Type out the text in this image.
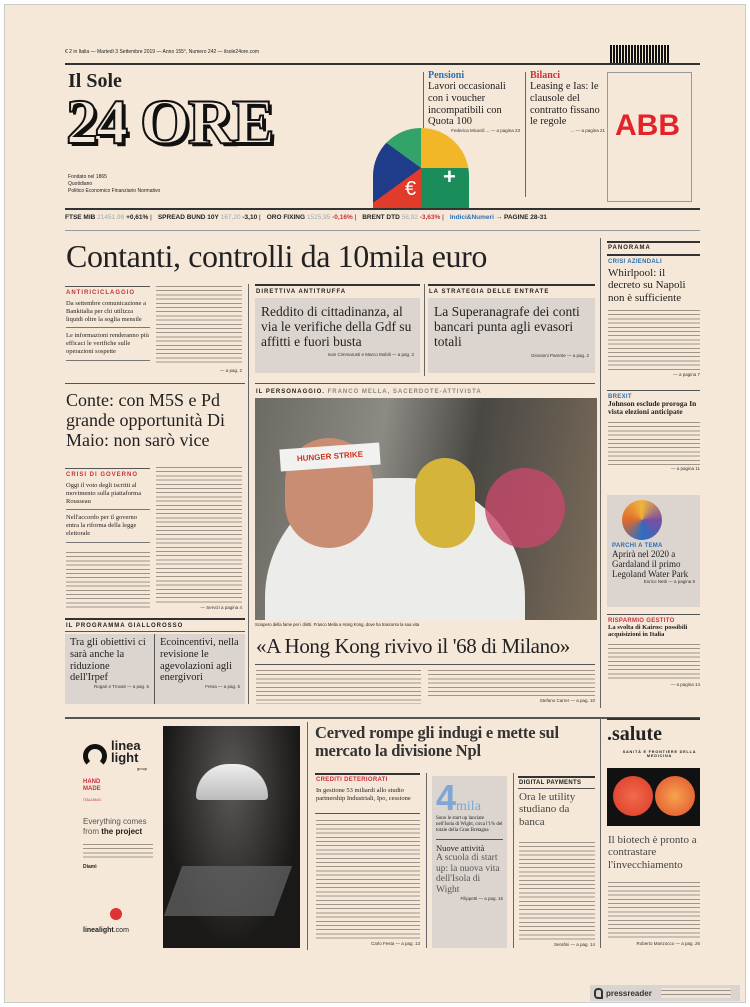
€ 2 in Italia — Martedì 3 Settembre 2019 — Anno 155°, Numero 242 — ilsole24ore.com
Il Sole
24 ORE
Fondato nel 1865
Quotidiano
Politico Economico Finanziario Normativo	€ +
Pensioni
Lavori occasionali con i voucher incompatibili con Quota 100
Federica Micardi ... — a pagina 23
Bilanci
Leasing e Ias: le clausole del contratto fissano le regole
... — a pagina 21 ABB
FTSE MIB 21451,98 +0,61% | SPREAD BUND 10Y 167,20 -3,10 | ORO FIXING 1525,95 -0,16% | BRENT DTD 58,92 -3,63% | Indici&Numeri → PAGINE 28-31
Contanti, controlli da 10mila euro
ANTIRICICLAGGIO
Da settembre comunicazione a Bankitalia per chi utilizza liquidi oltre la soglia mensile
Le informazioni renderanno più efficaci le verifiche sulle operazioni sospette
— a pag. 2
DIRETTIVA ANTITRUFFA
Reddito di cittadinanza, al via le verifiche della Gdf su affitti e fuori busta
Ivan Cimmarusti e Marco Mobili — a pag. 2
LA STRATEGIA DELLE ENTRATE
La Superanagrafe dei conti bancari punta agli evasori totali
Giovanni Parente — a pag. 2
Conte: con M5S e Pd grande opportunità Di Maio: non sarò vice
CRISI DI GOVERNO
Oggi il voto degli iscritti al movimento sulla piattaforma Rousseau
Nell'accordo per il governo entra la riforma della legge elettorale
— Servizi a pagina 4
IL PROGRAMMA GIALLOROSSO
Tra gli obiettivi ci sarà anche la riduzione dell'Irpef
Rogari e Trovati — a pag. 5
Ecoincentivi, nella revisione le agevolazioni agli energivori
Fresa — a pag. 5
IL PERSONAGGIO. FRANCO MELLA, SACERDOTE-ATTIVISTA
HUNGER STRIKE
Sciopero della fame per i diritti. Franco Mella a Hong Kong, dove ha trascorso la sua vita
«A Hong Kong rivivo il '68 di Milano»
Stefano Carrer — a pag. 10
PANORAMA
CRISI AZIENDALI
Whirlpool: il decreto su Napoli non è sufficiente
— a pagina 7
BREXIT
Johnson esclude proroga In vista elezioni anticipate
— a pagina 11
PARCHI A TEMA
Aprirà nel 2020 a Gardaland il primo Legoland Water Park
Enrico Netti — a pagina 9
RISPARMIO GESTITO
La svolta di Kairos: possibili acquisizioni in Italia
— a pagina 14
linea
light
group
HAND MADE
ITALIANO
Everything comes
from the project
Diamì
linealight.com
Cerved rompe gli indugi e mette sul mercato la divisione Npl
CREDITI DETERIORATI
In gestione 53 miliardi allo studio partnership Industriali, Ipo, cessione
Carlo Festa — a pag. 13
4mila
Sono le start up lanciate nell'Isola di Wight, circa l'1% del totale della Gran Bretagna
Nuove attività
A scuola di start up: la nuova vita dell'Isola di Wight
Filippetti — a pag. 16
DIGITAL PAYMENTS
Ora le utility studiano da banca
Serafini — a pag. 14
.salute
SANITÀ E FRONTIERE DELLA MEDICINA
Il biotech è pronto a contrastare l'invecchiamento
Roberto Manzocco — a pag. 26
pressreader
